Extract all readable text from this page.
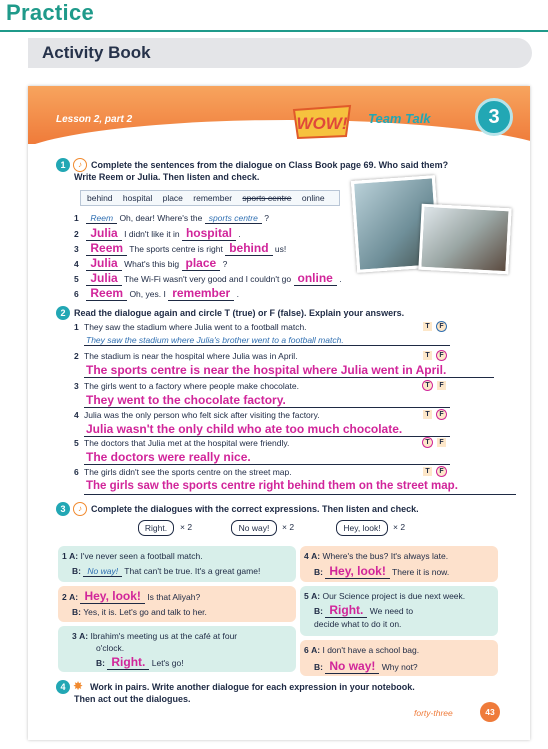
Practice
Activity Book
Lesson 2, part 2	WOW! Team Talk	3
1	♪	Complete the sentences from the dialogue on Class Book page 69. Who said them?
Write Reem or Julia. Then listen and check.
behind hospital place remember sports centre online
1 Reem Oh, dear! Where's the sports centre ?
2 Julia I didn't like it in hospital .
3 Reem The sports centre is right behind us!
4 Julia What's this big place ?
5 Julia The Wi-Fi wasn't very good and I couldn't go online .
6 Reem Oh, yes. I remember .
2 Read the dialogue again and circle T (true) or F (false). Explain your answers.
1 They saw the stadium where Julia went to a football match.	T	F
They saw the stadium where Julia's brother went to a football match.
2 The stadium is near the hospital where Julia was in April.	T	F
The sports centre is near the hospital where Julia went in April.
3 The girls went to a factory where people make chocolate.	T	F
They went to the chocolate factory.
4 Julia was the only person who felt sick after visiting the factory.	T	F
Julia wasn't the only child who ate too much chocolate.
5 The doctors that Julia met at the hospital were friendly.	T	F
The doctors were really nice.
6 The girls didn't see the sports centre on the street map.	T	F
The girls saw the sports centre right behind them on the street map.
3	♪	Complete the dialogues with the correct expressions. Then listen and check.
Right.	× 2	No way!	× 2	Hey, look!	× 2
1 A: I've never seen a football match.
B: No way! That can't be true. It's a great game!
2 A: Hey, look! Is that Aliyah?
B: Yes, it is. Let's go and talk to her.
3 A: Ibrahim's meeting us at the café at four
o'clock.
B: Right. Let's go!
4 A: Where's the bus? It's always late.
B: Hey, look! There it is now.
5 A: Our Science project is due next week.
B: Right. We need to
decide what to do it on.
6 A: I don't have a school bag.
B: No way! Why not?
4 ✸ Work in pairs. Write another dialogue for each expression in your notebook.
Then act out the dialogues.
forty-three	43
